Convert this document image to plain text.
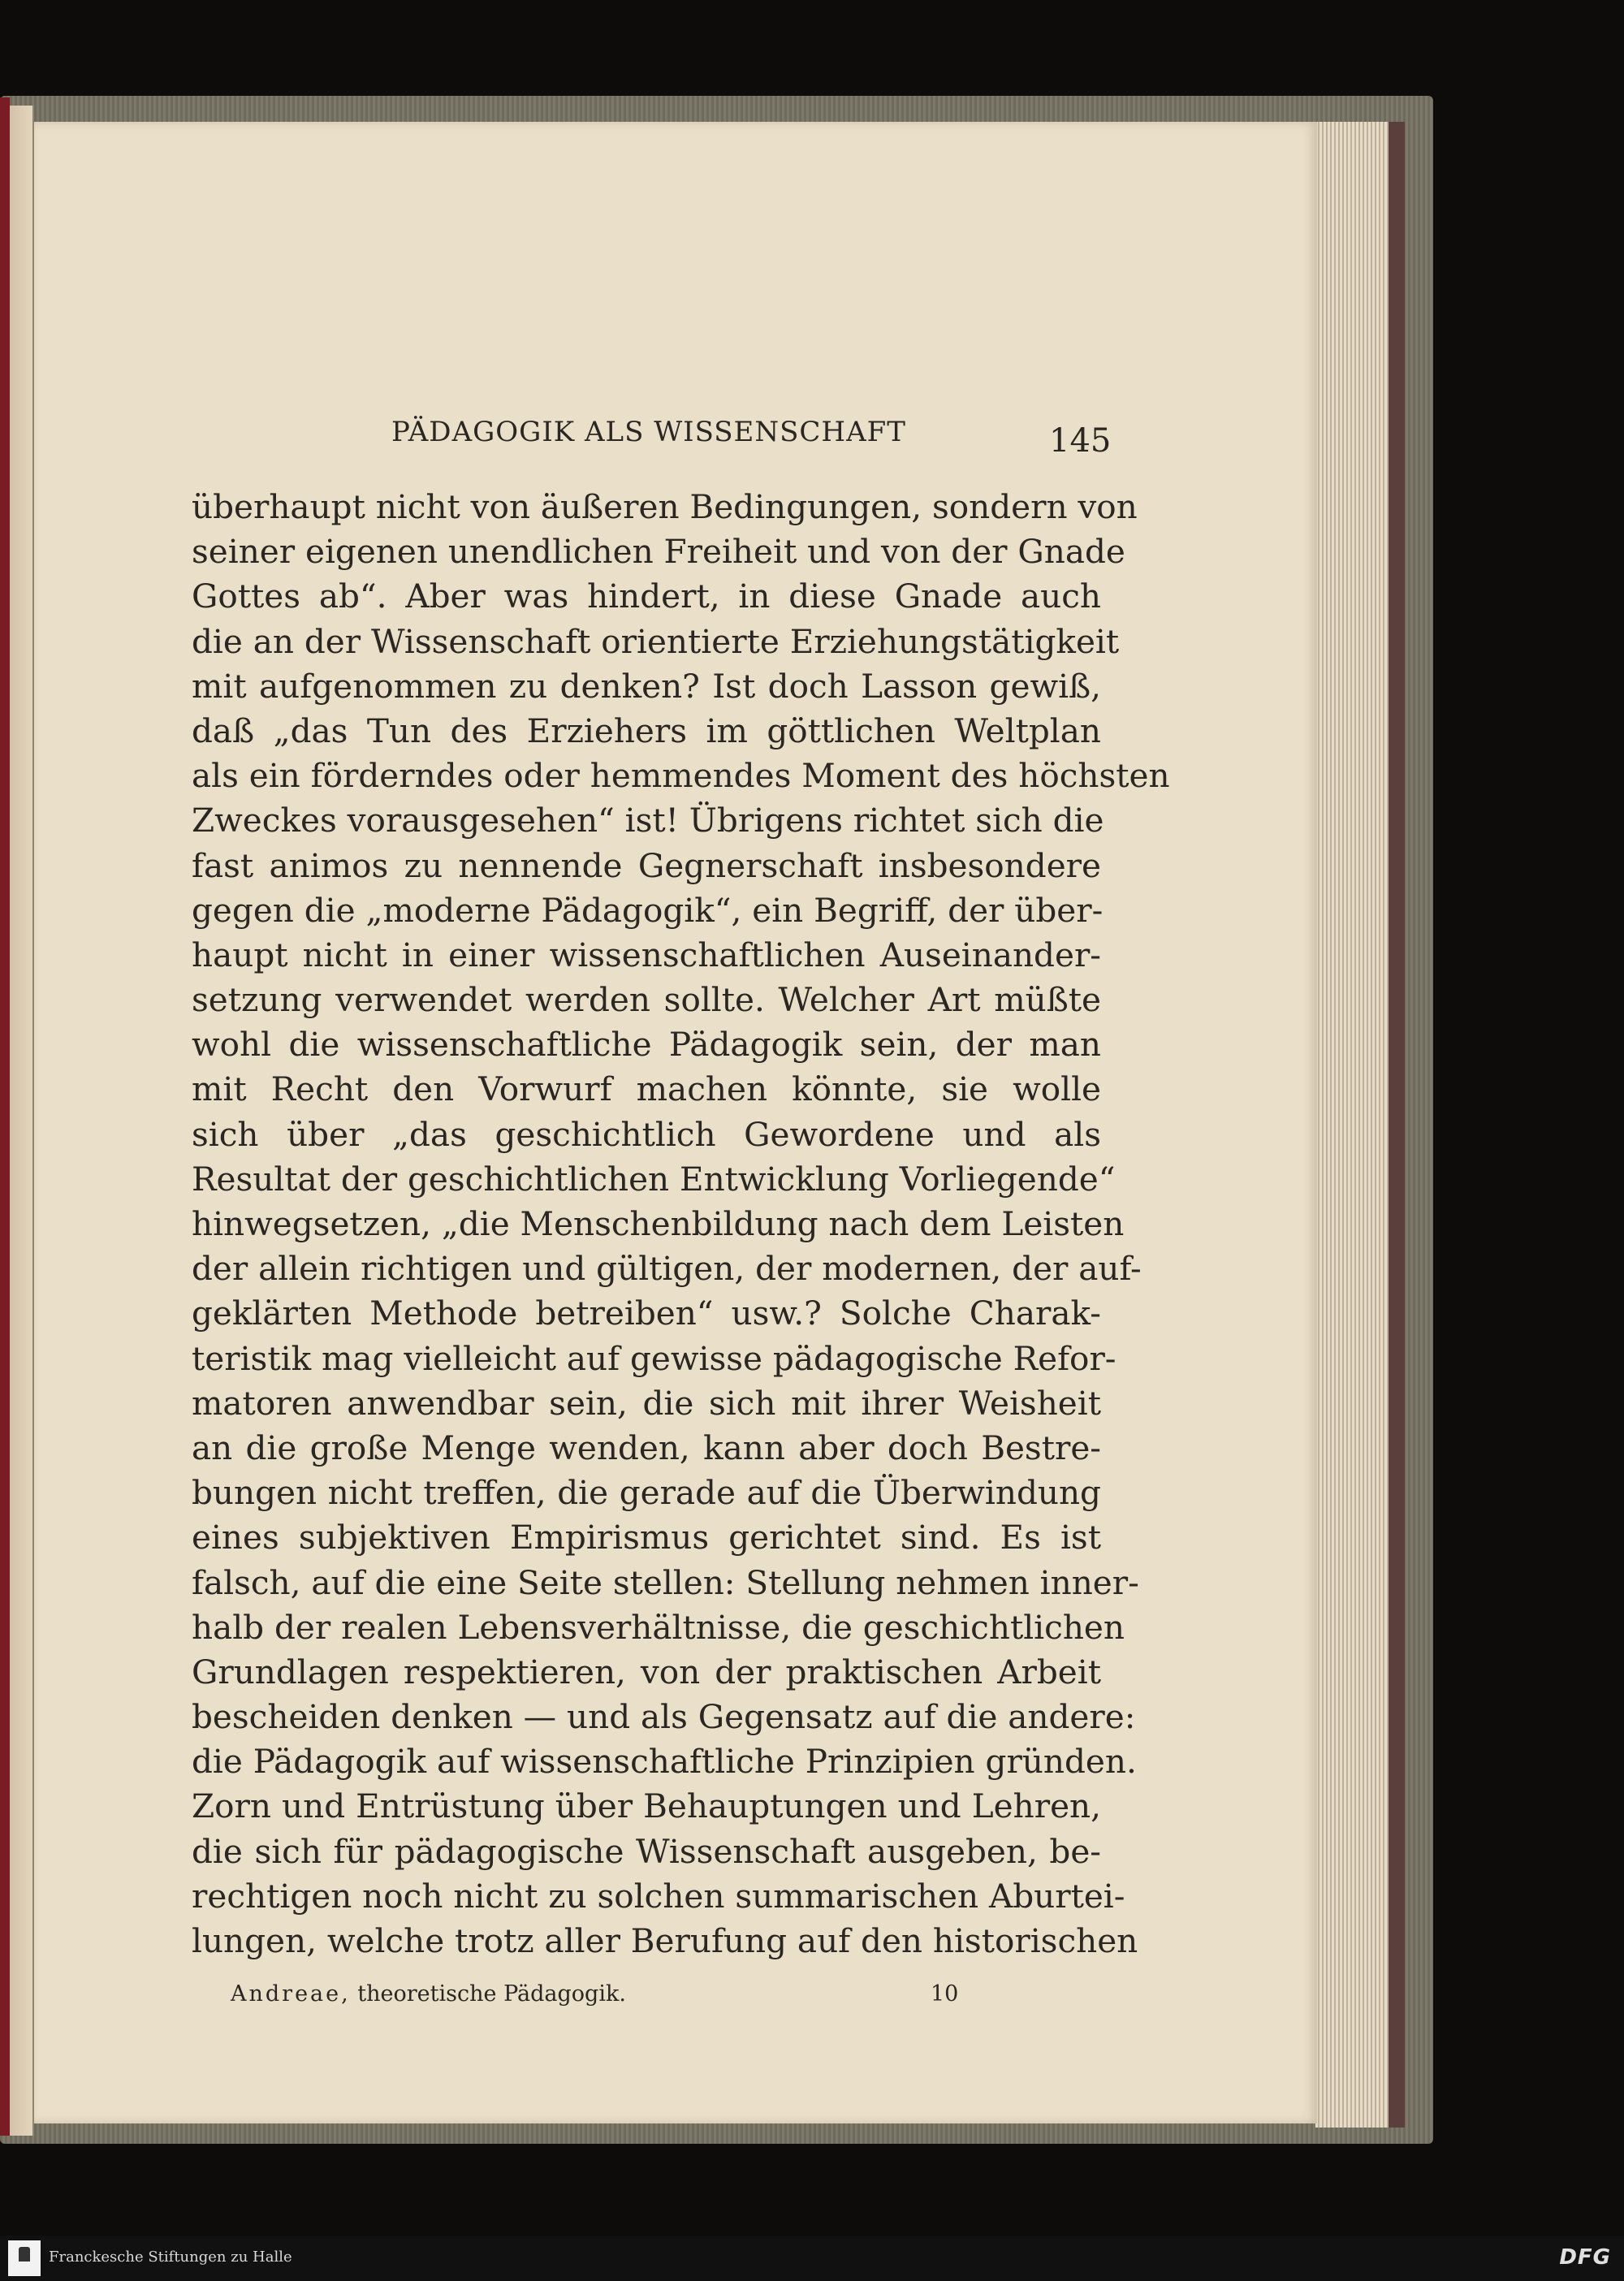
PÄDAGOGIK ALS WISSENSCHAFT	145
überhaupt nicht von äußeren Bedingungen, sondern von
seiner eigenen unendlichen Freiheit und von der Gnade
Gottes ab“. Aber was hindert, in diese Gnade auch
die an der Wissenschaft orientierte Erziehungstätigkeit
mit aufgenommen zu denken? Ist doch Lasson gewiß,
daß „das Tun des Erziehers im göttlichen Weltplan
als ein förderndes oder hemmendes Moment des höchsten
Zweckes vorausgesehen“ ist! Übrigens richtet sich die
fast animos zu nennende Gegnerschaft insbesondere
gegen die „moderne Pädagogik“, ein Begriff, der über-
haupt nicht in einer wissenschaftlichen Auseinander-
setzung verwendet werden sollte. Welcher Art müßte
wohl die wissenschaftliche Pädagogik sein, der man
mit Recht den Vorwurf machen könnte, sie wolle
sich über „das geschichtlich Gewordene und als
Resultat der geschichtlichen Entwicklung Vorliegende“
hinwegsetzen, „die Menschenbildung nach dem Leisten
der allein richtigen und gültigen, der modernen, der auf-
geklärten Methode betreiben“ usw.? Solche Charak-
teristik mag vielleicht auf gewisse pädagogische Refor-
matoren anwendbar sein, die sich mit ihrer Weisheit
an die große Menge wenden, kann aber doch Bestre-
bungen nicht treffen, die gerade auf die Überwindung
eines subjektiven Empirismus gerichtet sind. Es ist
falsch, auf die eine Seite stellen: Stellung nehmen inner-
halb der realen Lebensverhältnisse, die geschichtlichen
Grundlagen respektieren, von der praktischen Arbeit
bescheiden denken — und als Gegensatz auf die andere:
die Pädagogik auf wissenschaftliche Prinzipien gründen.
Zorn und Entrüstung über Behauptungen und Lehren,
die sich für pädagogische Wissenschaft ausgeben, be-
rechtigen noch nicht zu solchen summarischen Aburtei-
lungen, welche trotz aller Berufung auf den historischen
Andreae, theoretische Pädagogik.	10
Franckesche Stiftungen zu Halle	DFG
